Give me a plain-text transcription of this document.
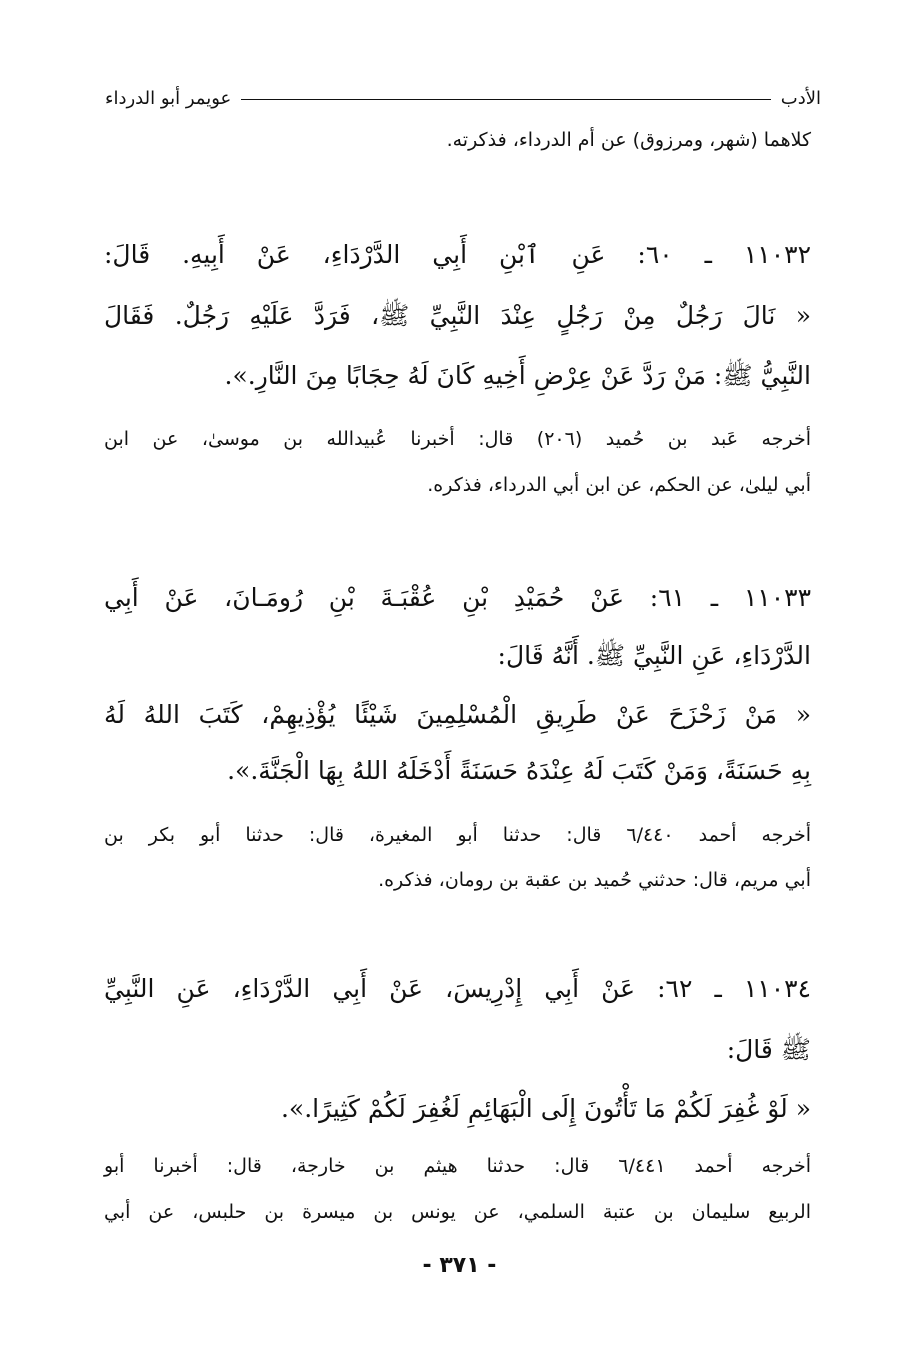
الأدب
عويمر أبو الدرداء
كلاهما (شهر، ومرزوق) عن أم الدرداء، فذكرته.
١١٠٣٢ ـ ٦٠: عَنِ ٱبْنِ أَبِي الدَّرْدَاءِ، عَنْ أَبِيهِ. قَالَ:
« نَالَ رَجُلٌ مِنْ رَجُلٍ عِنْدَ النَّبِيِّ ﷺ، فَرَدَّ عَلَيْهِ رَجُلٌ. فَقَالَ
النَّبِيُّ ﷺ: مَنْ رَدَّ عَنْ عِرْضِ أَخِيهِ كَانَ لَهُ حِجَابًا مِنَ النَّارِ.».
أخرجه عَبد بن حُميد (٢٠٦) قال: أخبرنا عُبيدالله بن موسىٰ، عن ابن
أبي ليلىٰ، عن الحكم، عن ابن أبي الدرداء، فذكره.
١١٠٣٣ ـ ٦١: عَنْ حُمَيْدِ بْنِ عُقْبَـةَ بْنِ رُومَـانَ، عَنْ أَبِي
الدَّرْدَاءِ، عَنِ النَّبِيِّ ﷺ. أَنَّهُ قَالَ:
« مَنْ زَحْزَحَ عَنْ طَرِيقِ الْمُسْلِمِينَ شَيْئًا يُؤْذِيهِمْ، كَتَبَ اللهُ لَهُ
بِهِ حَسَنَةً، وَمَنْ كَتَبَ لَهُ عِنْدَهُ حَسَنَةً أَدْخَلَهُ اللهُ بِهَا الْجَنَّةَ.».
أخرجه أحمد ٦/٤٤٠ قال: حدثنا أبو المغيرة، قال: حدثنا أبو بكر بن
أبي مريم، قال: حدثني حُميد بن عقبة بن رومان، فذكره.
١١٠٣٤ ـ ٦٢: عَنْ أَبِي إِدْرِيسَ، عَنْ أَبِي الدَّرْدَاءِ، عَنِ النَّبِيِّ
ﷺ قَالَ:
« لَوْ غُفِرَ لَكُمْ مَا تَأْتُونَ إِلَى الْبَهَائِمِ لَغُفِرَ لَكُمْ كَثِيرًا.».
أخرجه أحمد ٦/٤٤١ قال: حدثنا هيثم بن خارجة، قال: أخبرنا أبو
الربيع سليمان بن عتبة السلمي، عن يونس بن ميسرة بن حلبس، عن أبي
- ٣٧١ -
